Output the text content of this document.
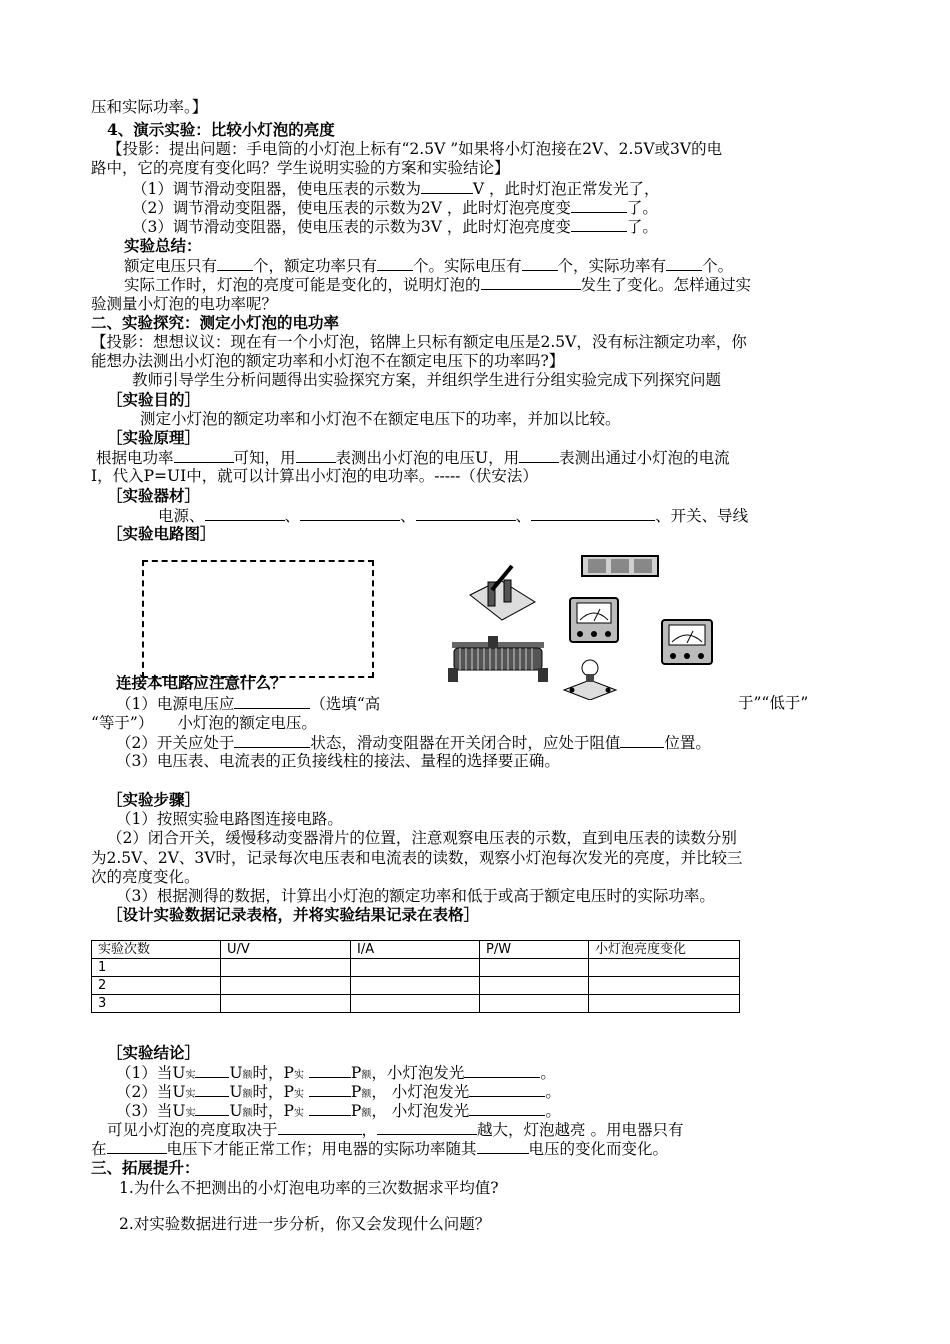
压和实际功率。】
4、演示实验：比较小灯泡的亮度
【投影：提出问题：手电筒的小灯泡上标有“2.5V ”如果将小灯泡接在2V、2.5V或3V的电
路中，它的亮度有变化吗？学生说明实验的方案和实验结论】
（1）调节滑动变阻器，使电压表的示数为	V ，此时灯泡正常发光了，
（2）调节滑动变阻器，使电压表的示数为2V ，此时灯泡亮度变	了。
（3）调节滑动变阻器，使电压表的示数为3V ，此时灯泡亮度变	了。
实验总结：
额定电压只有 个，额定功率只有 个。实际电压有 个，实际功率有 个。
实际工作时，灯泡的亮度可能是变化的，说明灯泡的	发生了变化。怎样通过实
验测量小灯泡的电功率呢？
二、实验探究：测定小灯泡的电功率
【投影：想想议议：现在有一个小灯泡，铭牌上只标有额定电压是2.5V，没有标注额定功率，你
能想办法测出小灯泡的额定功率和小灯泡不在额定电压下的功率吗?】
教师引导学生分析问题得出实验探究方案，并组织学生进行分组实验完成下列探究问题
［实验目的］
测定小灯泡的额定功率和小灯泡不在额定电压下的功率，并加以比较。
［实验原理］
根据电功率	可知，用	表测出小灯泡的电压U，用	表测出通过小灯泡的电流
I，代入P=UI中，就可以计算出小灯泡的电功率。-----（伏安法）
［实验器材］
电源、	、	、	、	、开关、导线
［实验电路图］
连接本电路应注意什么？
（1）电源电压应	（选填“高	于”“低于”
“等于”） 小灯泡的额定电压。
（2）开关应处于	状态，滑动变阻器在开关闭合时，应处于阻值	位置。
（3）电压表、电流表的正负接线柱的接法、量程的选择要正确。
［实验步骤］
（1）按照实验电路图连接电路。
（2）闭合开关，缓慢移动变器滑片的位置，注意观察电压表的示数，直到电压表的读数分别
为2.5V、2V、3V时，记录每次电压表和电流表的读数，观察小灯泡每次发光的亮度，并比较三
次的亮度变化。
（3）根据测得的数据，计算出小灯泡的额定功率和低于或高于额定电压时的实际功率。
［设计实验数据记录表格，并将实验结果记录在表格］
实验次数	U/V	I/A	P/W	小灯泡亮度变化
1				
2				
3				
［实验结论］
（1）当U实 U额时，P实	P额，小灯泡发光	。
（2）当U实 U额时，P实	P额， 小灯泡发光	。
（3）当U实 U额时，P实	P额， 小灯泡发光	。
可见小灯泡的亮度取决于	，	越大，灯泡越亮 。用电器只有
在	电压下才能正常工作；用电器的实际功率随其	电压的变化而变化。
三、拓展提升：
1.为什么不把测出的小灯泡电功率的三次数据求平均值?
2.对实验数据进行进一步分析，你又会发现什么问题？
